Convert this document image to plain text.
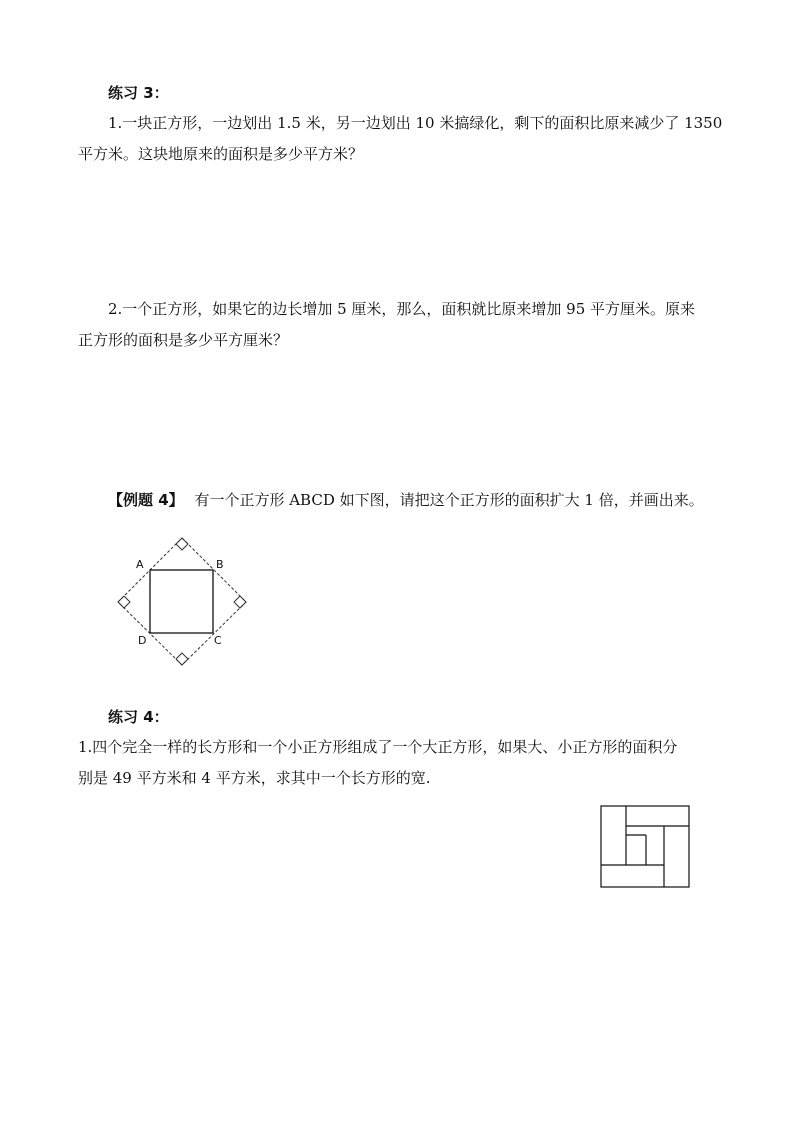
练习 3：
1.一块正方形，一边划出 1.5 米，另一边划出 10 米搞绿化，剩下的面积比原来减少了 1350
平方米。这块地原来的面积是多少平方米？
2.一个正方形，如果它的边长增加 5 厘米，那么，面积就比原来增加 95 平方厘米。原来
正方形的面积是多少平方厘米？
【例题 4】 有一个正方形 ABCD 如下图，请把这个正方形的面积扩大 1 倍，并画出来。
A	B
C
D
练习 4：
1.四个完全一样的长方形和一个小正方形组成了一个大正方形，如果大、小正方形的面积分
别是 49 平方米和 4 平方米，求其中一个长方形的宽.
